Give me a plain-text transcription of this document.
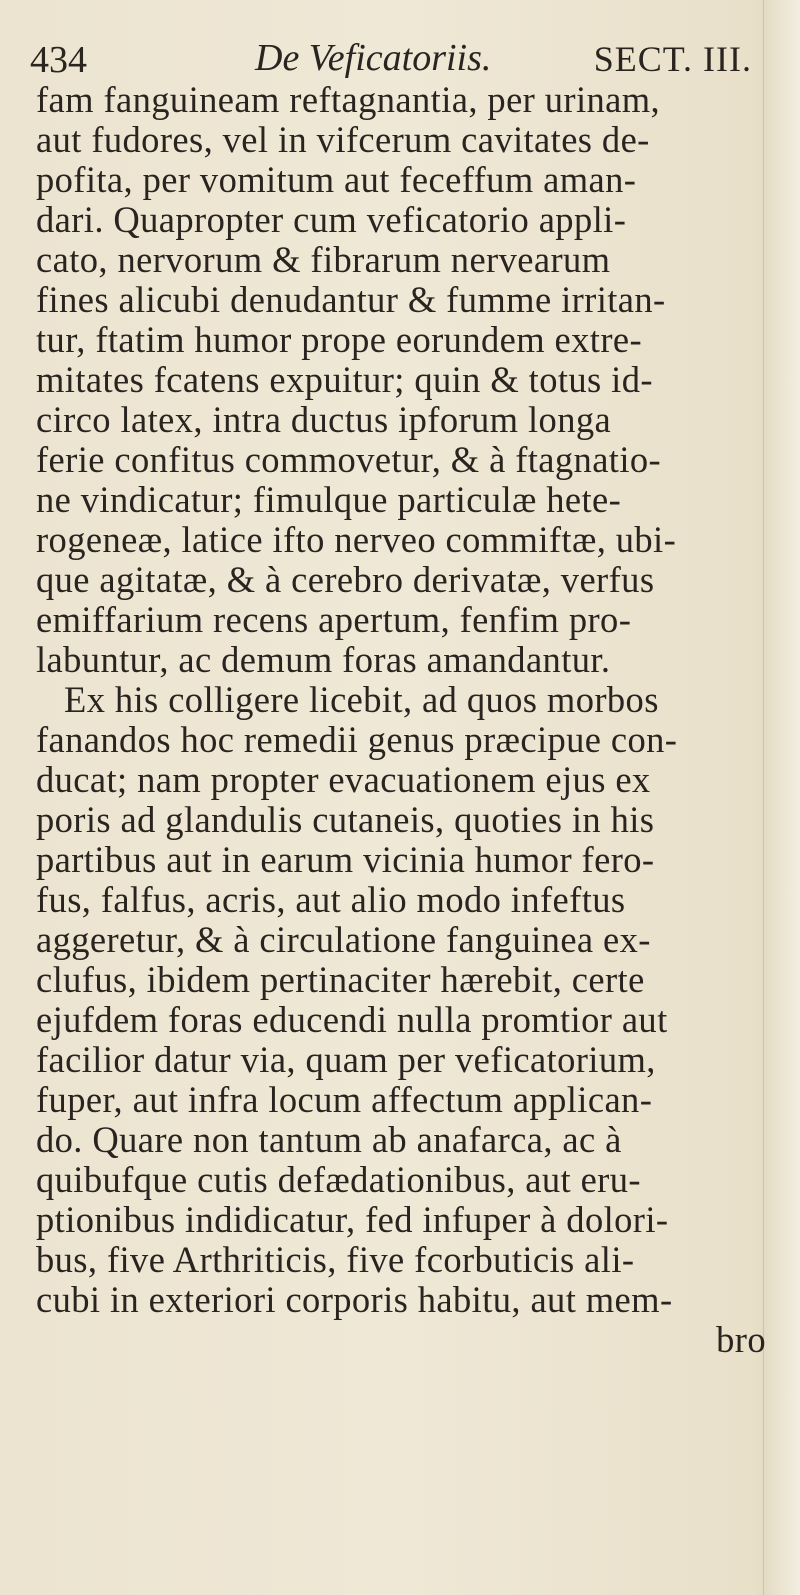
434	De Veficatoriis.	SECT. III.
fam fanguineam reftagnantia, per urinam,
aut fudores, vel in vifcerum cavitates de-
pofita, per vomitum aut feceffum aman-
dari. Quapropter cum veficatorio appli-
cato, nervorum & fibrarum nervearum
fines alicubi denudantur & fumme irritan-
tur, ftatim humor prope eorundem extre-
mitates fcatens expuitur; quin & totus id-
circo latex, intra ductus ipforum longa
ferie confitus commovetur, & à ftagnatio-
ne vindicatur; fimulque particulæ hete-
rogeneæ, latice ifto nerveo commiftæ, ubi-
que agitatæ, & à cerebro derivatæ, verfus
emiffarium recens apertum, fenfim pro-
labuntur, ac demum foras amandantur.
Ex his colligere licebit, ad quos morbos
fanandos hoc remedii genus præcipue con-
ducat; nam propter evacuationem ejus ex
poris ad glandulis cutaneis, quoties in his
partibus aut in earum vicinia humor fero-
fus, falfus, acris, aut alio modo infeftus
aggeretur, & à circulatione fanguinea ex-
clufus, ibidem pertinaciter hærebit, certe
ejufdem foras educendi nulla promtior aut
facilior datur via, quam per veficatorium,
fuper, aut infra locum affectum applican-
do. Quare non tantum ab anafarca, ac à
quibufque cutis defædationibus, aut eru-
ptionibus indidicatur, fed infuper à dolori-
bus, five Arthriticis, five fcorbuticis ali-
cubi in exteriori corporis habitu, aut mem-
bro
